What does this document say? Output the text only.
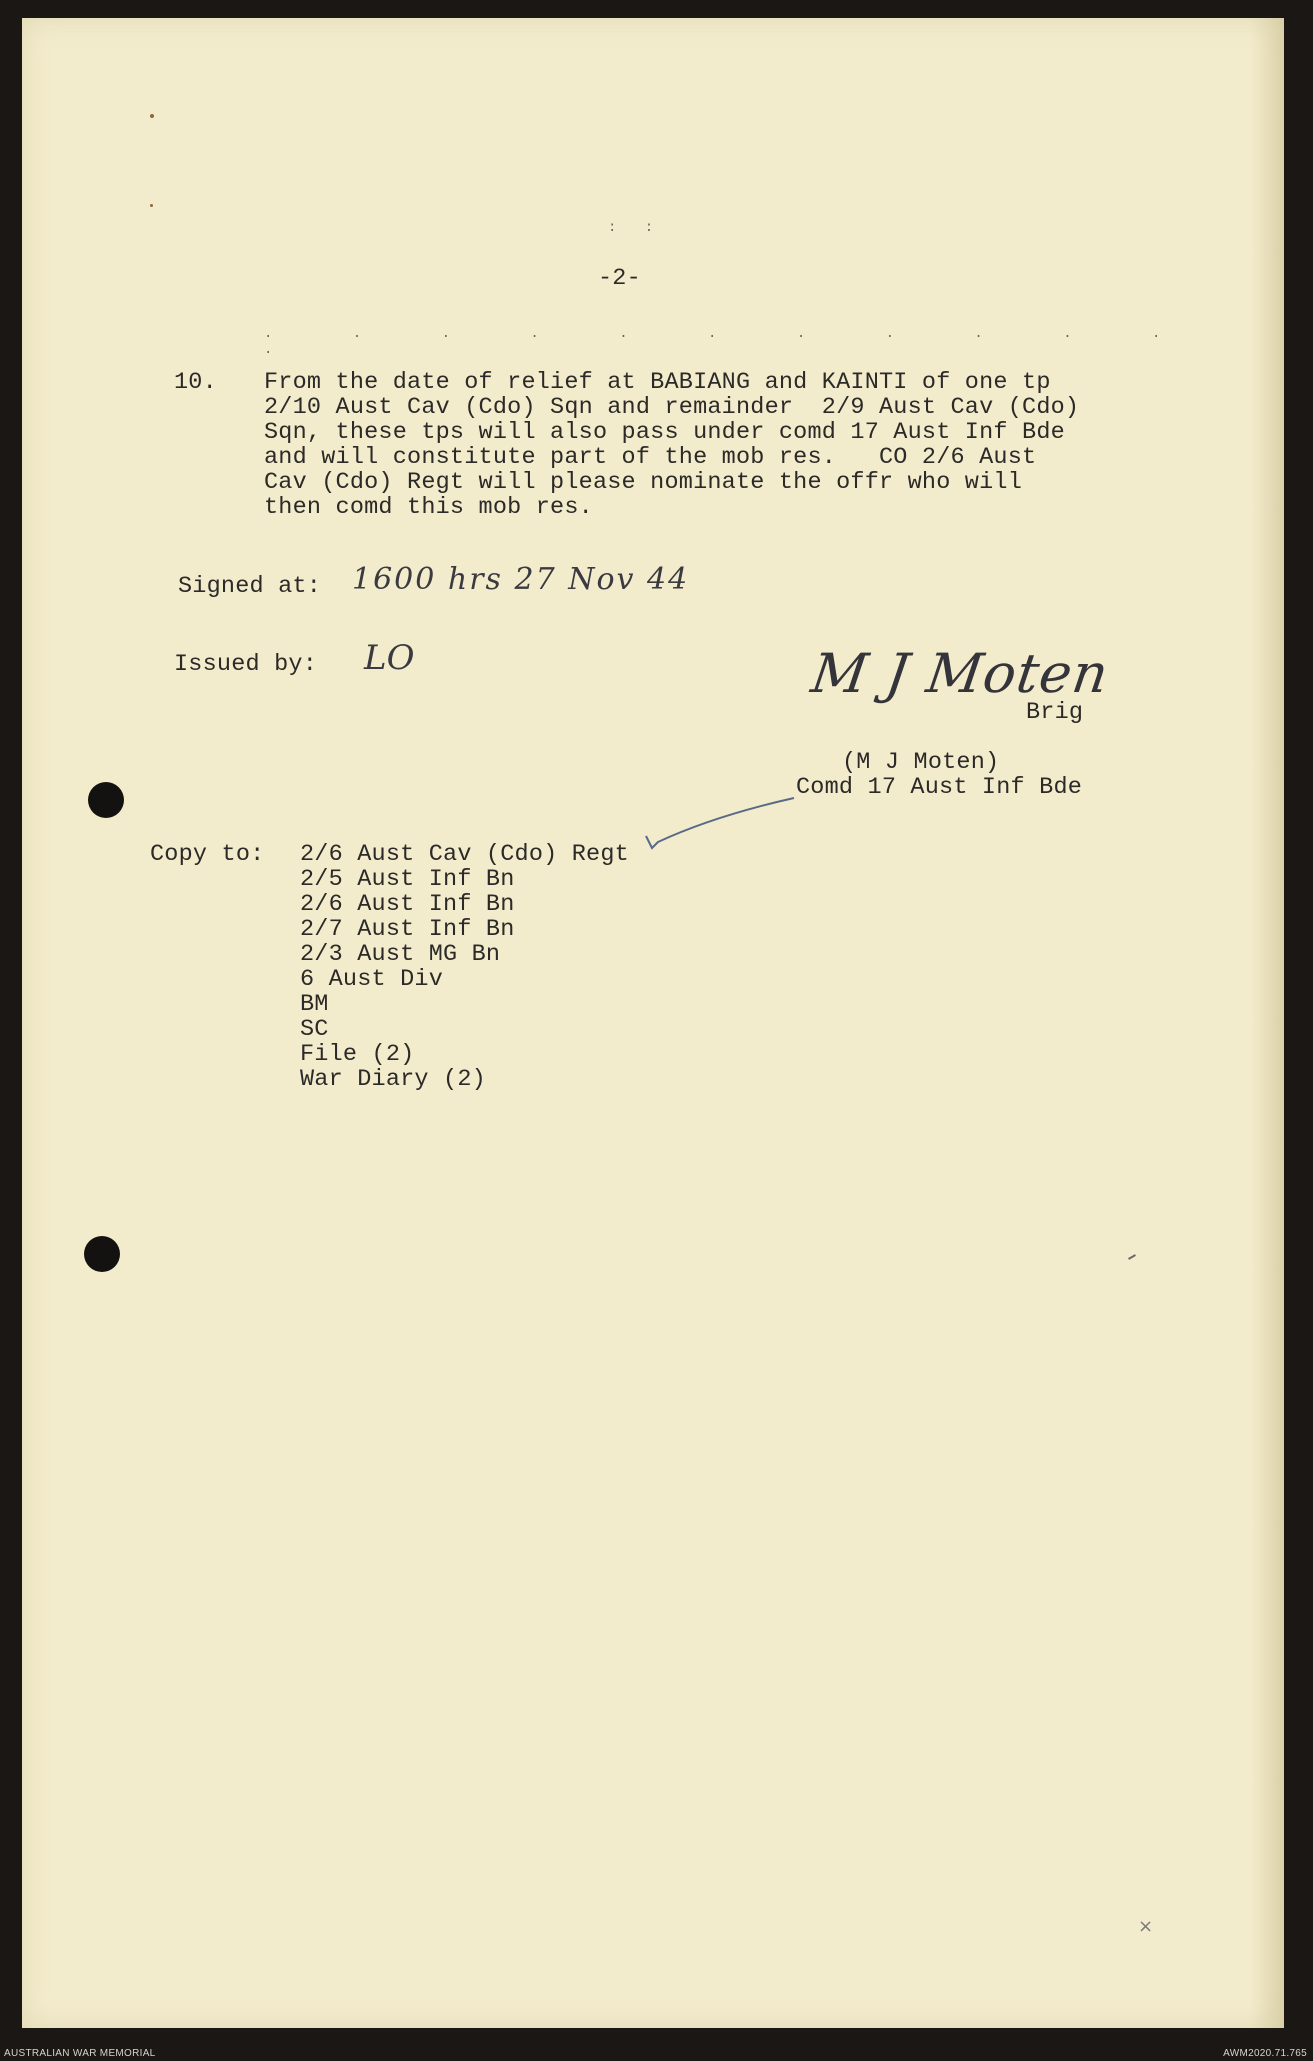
: :
. . . . . . . . . . . .
-2-
10. From the date of relief at BABIANG and KAINTI of one tp
2/10 Aust Cav (Cdo) Sqn and remainder  2/9 Aust Cav (Cdo)
Sqn, these tps will also pass under comd 17 Aust Inf Bde
and will constitute part of the mob res.   CO 2/6 Aust
Cav (Cdo) Regt will please nominate the offr who will
then comd this mob res.
Signed at: 1600 hrs 27 Nov 44
Issued by: LO	M J Moten
Brig
(M J Moten)
Comd 17 Aust Inf Bde
Copy to: 2/6 Aust Cav (Cdo) Regt
2/5 Aust Inf Bn
2/6 Aust Inf Bn
2/7 Aust Inf Bn
2/3 Aust MG Bn
6 Aust Div
BM
SC
File (2)
War Diary (2)
×
AUSTRALIAN WAR MEMORIAL	AWM2020.71.765
